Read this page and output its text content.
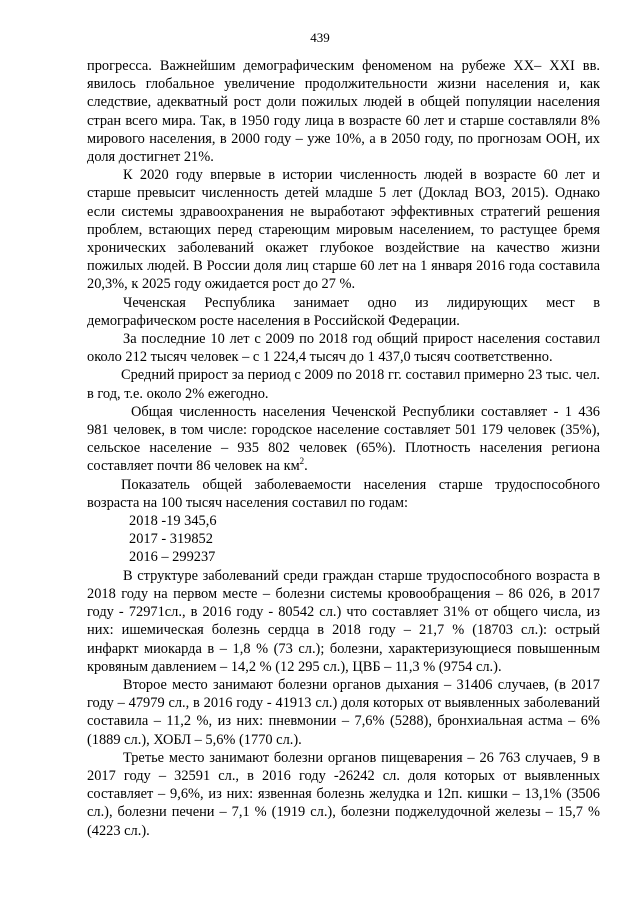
439

прогресса. Важнейшим демографическим феноменом на рубеже ХХ– XXI вв. явилось глобальное увеличение продолжительности жизни населения и, как следствие, адекватный рост доли пожилых людей в общей популяции населения стран всего мира. Так, в 1950 году лица в возрасте 60 лет и старше составляли 8% мирового населения, в 2000 году – уже 10%, а в 2050 году, по прогнозам ООН, их доля достигнет 21%.

К 2020 году впервые в истории численность людей в возрасте 60 лет и старше превысит численность детей младше 5 лет (Доклад ВОЗ, 2015). Однако если системы здравоохранения не выработают эффективных стратегий решения проблем, встающих перед стареющим мировым населением, то растущее бремя хронических заболеваний окажет глубокое воздействие на качество жизни пожилых людей. В России доля лиц старше 60 лет на 1 января 2016 года составила 20,3%, к 2025 году ожидается рост до 27 %.

Чеченская Республика занимает одно из лидирующих мест в демографическом росте населения в Российской Федерации.

За последние 10 лет с 2009 по 2018 год общий прирост населения составил около 212 тысяч человек – с 1 224,4 тысяч до 1 437,0 тысяч соответственно.

Средний прирост за период с 2009 по 2018 гг. составил примерно 23 тыс. чел. в год, т.е. около 2% ежегодно.

Общая численность населения Чеченской Республики составляет - 1 436 981 человек, в том числе: городское население составляет 501 179 человек (35%), сельское население – 935 802 человек (65%). Плотность населения региона составляет почти 86 человек на $км^2$.

Показатель общей заболеваемости населения старше трудоспособного возраста на 100 тысяч населения составил по годам:

2018 -19 345,6
2017 - 319852
2016 – 299237

В структуре заболеваний среди граждан старше трудоспособного возраста в 2018 году на первом месте – болезни системы кровообращения – 86 026, в 2017 году - 72971сл., в 2016 году - 80542 сл.) что составляет 31% от общего числа, из них: ишемическая болезнь сердца в 2018 году – 21,7 % (18703 сл.): острый инфаркт миокарда в – 1,8 % (73 сл.); болезни, характеризующиеся повышенным кровяным давлением – 14,2 % (12 295 сл.), ЦВБ – 11,3 % (9754 сл.).

Второе место занимают болезни органов дыхания – 31406 случаев, (в 2017 году – 47979 сл., в 2016 году - 41913 сл.) доля которых от выявленных заболеваний составила – 11,2 %, из них: пневмонии – 7,6% (5288), бронхиальная астма – 6% (1889 сл.), ХОБЛ – 5,6% (1770 сл.).

Третье место занимают болезни органов пищеварения – 26 763 случаев, 9 в 2017 году – 32591 сл., в 2016 году -26242 сл. доля которых от выявленных составляет – 9,6%, из них: язвенная болезнь желудка и 12п. кишки – 13,1% (3506 сл.), болезни печени – 7,1 % (1919 сл.), болезни поджелудочной железы – 15,7 % (4223 сл.).
